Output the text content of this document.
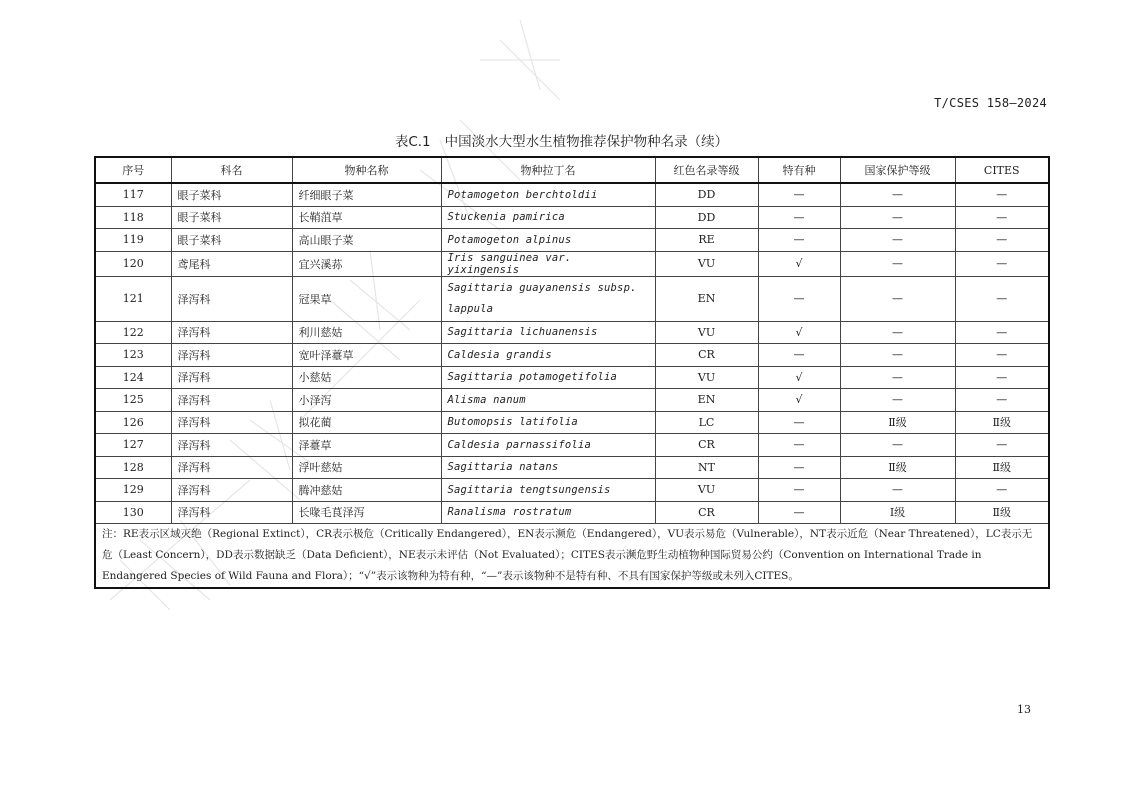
T/CSES 158—2024
表C.1 中国淡水大型水生植物推荐保护物种名录（续）
序号	科名	物种名称	物种拉丁名	红色名录等级	特有种	国家保护等级	CITES
117	眼子菜科	纤细眼子菜	Potamogeton berchtoldii	DD	—	—	—
118	眼子菜科	长鞘菹草	Stuckenia pamirica	DD	—	—	—
119	眼子菜科	高山眼子菜	Potamogeton alpinus	RE	—	—	—
120	鸢尾科	宜兴溪荪	Iris sanguinea var. yixingensis	VU	√	—	—
121	泽泻科	冠果草	Sagittaria guayanensis subsp. lappula	EN	—	—	—
122	泽泻科	利川慈姑	Sagittaria lichuanensis	VU	√	—	—
123	泽泻科	宽叶泽薹草	Caldesia grandis	CR	—	—	—
124	泽泻科	小慈姑	Sagittaria potamogetifolia	VU	√	—	—
125	泽泻科	小泽泻	Alisma nanum	EN	√	—	—
126	泽泻科	拟花蔺	Butomopsis latifolia	LC	—	Ⅱ级	Ⅱ级
127	泽泻科	泽薹草	Caldesia parnassifolia	CR	—	—	—
128	泽泻科	浮叶慈姑	Sagittaria natans	NT	—	Ⅱ级	Ⅱ级
129	泽泻科	腾冲慈姑	Sagittaria tengtsungensis	VU	—	—	—
130	泽泻科	长喙毛茛泽泻	Ranalisma rostratum	CR	—	Ⅰ级	Ⅱ级
注：RE表示区域灭绝（Regional Extinct），CR表示极危（Critically Endangered），EN表示濒危（Endangered），VU表示易危（Vulnerable），NT表示近危（Near Threatened），LC表示无危（Least Concern），DD表示数据缺乏（Data Deficient），NE表示未评估（Not Evaluated）；CITES表示濒危野生动植物种国际贸易公约（Convention on International Trade in Endangered Species of Wild Fauna and Flora）；“√”表示该物种为特有种，“—”表示该物种不是特有种、不具有国家保护等级或未列入CITES。							
13
